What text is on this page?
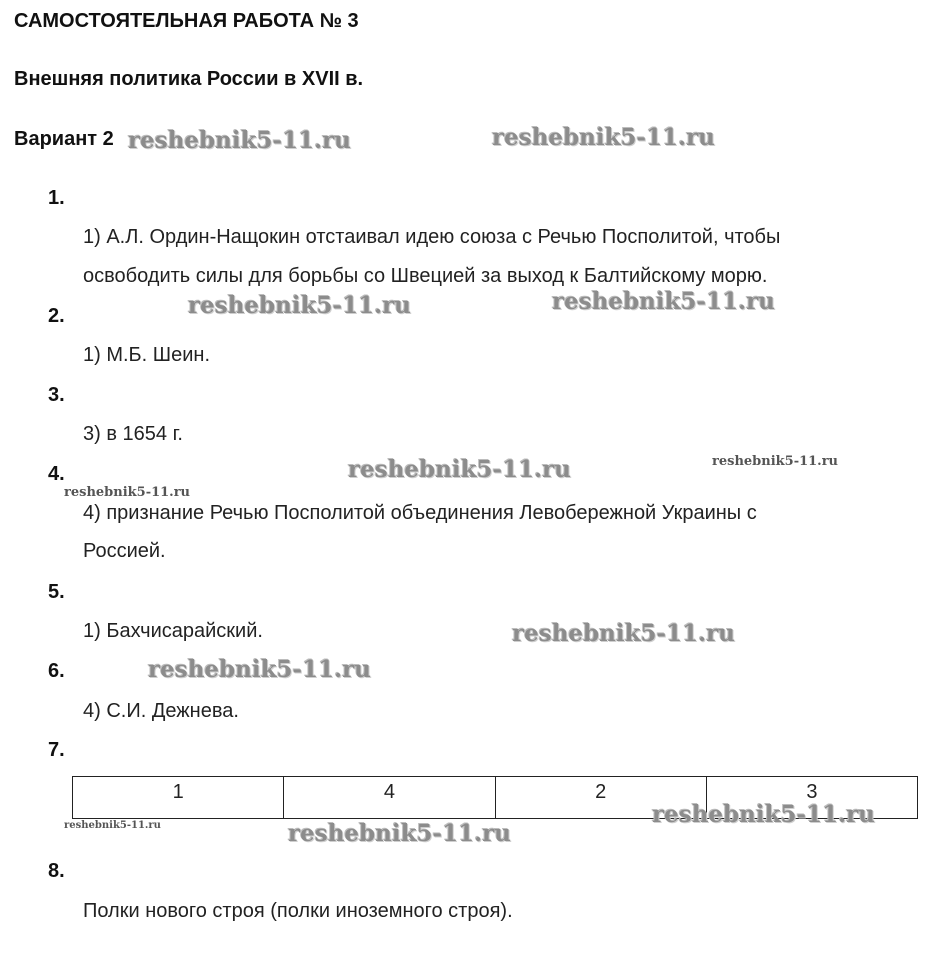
САМОСТОЯТЕЛЬНАЯ РАБОТА № 3
Внешняя политика России в XVII в.
Вариант 2
1.
1) А.Л. Ордин-Нащокин отстаивал идею союза с Речью Посполитой, чтобы
освободить силы для борьбы со Швецией за выход к Балтийскому морю.
2.
1) М.Б. Шеин.
3.
3) в 1654 г.
4.
4) признание Речью Посполитой объединения Левобережной Украины с
Россией.
5.
1) Бахчисарайский.
6.
4) С.И. Дежнева.
7.
1	4	2	3
8.
Полки нового строя (полки иноземного строя).
reshebnik5-11.ru	reshebnik5-11.ru
reshebnik5-11.ru	reshebnik5-11.ru
reshebnik5-11.ru	reshebnik5-11.ru
reshebnik5-11.ru
reshebnik5-11.ru
reshebnik5-11.ru
reshebnik5-11.ru
reshebnik5-11.ru	reshebnik5-11.ru
